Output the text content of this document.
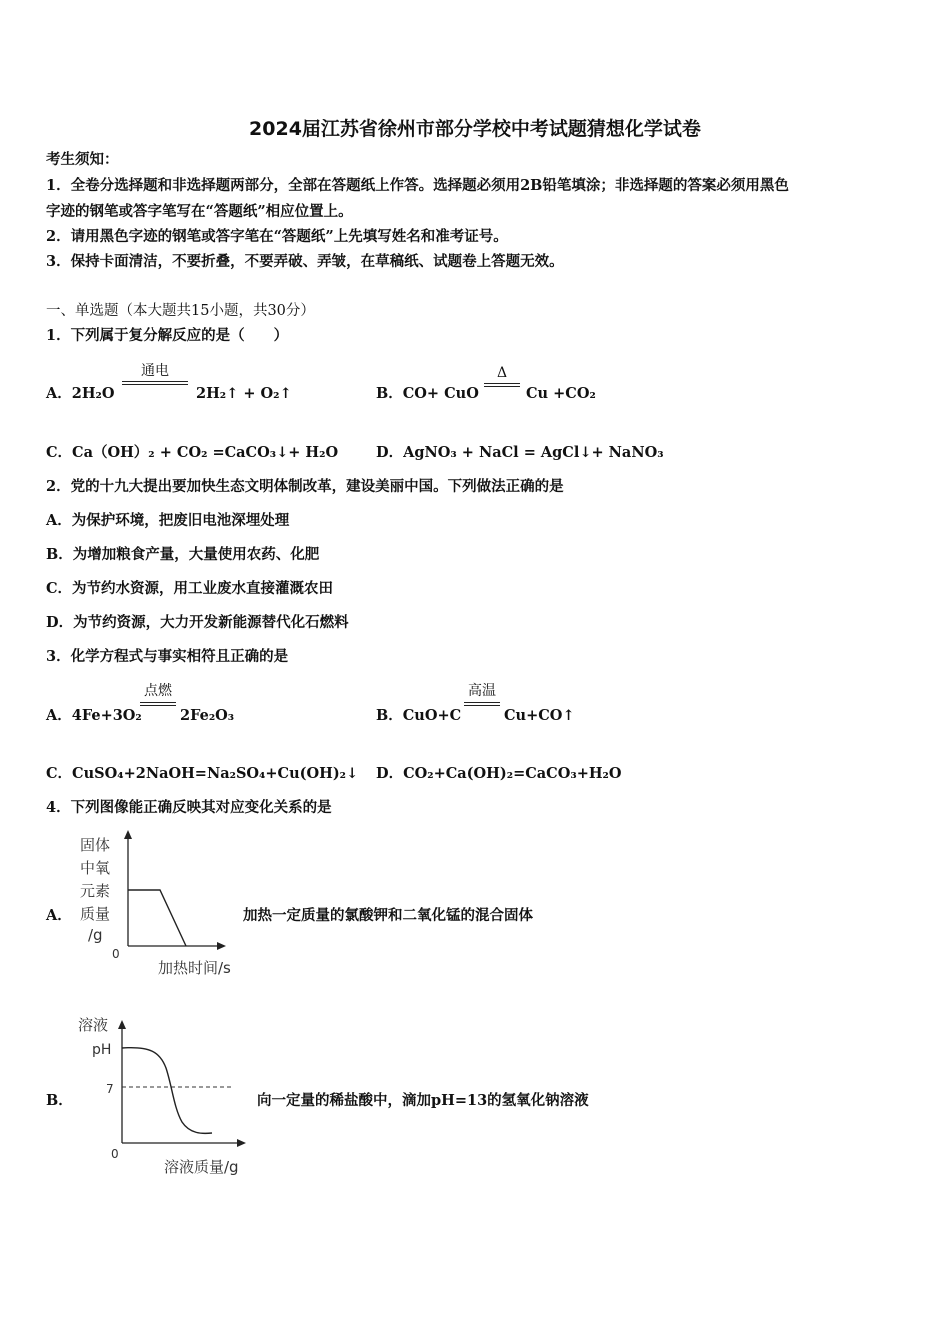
2024届江苏省徐州市部分学校中考试题猜想化学试卷
考生须知：
1．全卷分选择题和非选择题两部分，全部在答题纸上作答。选择题必须用2B铅笔填涂；非选择题的答案必须用黑色
字迹的钢笔或答字笔写在“答题纸”相应位置上。
2．请用黑色字迹的钢笔或答字笔在“答题纸”上先填写姓名和准考证号。
3．保持卡面清洁，不要折叠，不要弄破、弄皱，在草稿纸、试题卷上答题无效。
一、单选题（本大题共15小题，共30分）
1．下列属于复分解反应的是（　　）
A．2H₂O
通电
2H₂↑ + O₂↑	B．CO+ CuO
Δ
Cu +CO₂
C．Ca（OH）₂ + CO₂ =CaCO₃↓+ H₂O	D．AgNO₃ + NaCl = AgCl↓+ NaNO₃
2．党的十九大提出要加快生态文明体制改革，建设美丽中国。下列做法正确的是
A．为保护环境，把废旧电池深埋处理
B．为增加粮食产量，大量使用农药、化肥
C．为节约水资源，用工业废水直接灌溉农田
D．为节约资源，大力开发新能源替代化石燃料
3．化学方程式与事实相符且正确的是
A．4Fe+3O₂
点燃
2Fe₂O₃	B．CuO+C
高温
Cu+CO↑
C．CuSO₄+2NaOH=Na₂SO₄+Cu(OH)₂↓ D．CO₂+Ca(OH)₂=CaCO₃+H₂O
4．下列图像能正确反映其对应变化关系的是
A．
固体
中氧
元素
质量
/g
0
加热时间/s
加热一定质量的氯酸钾和二氧化锰的混合固体
B．
溶液
pH
7
0
溶液质量/g
向一定量的稀盐酸中，滴加pH=13的氢氧化钠溶液
